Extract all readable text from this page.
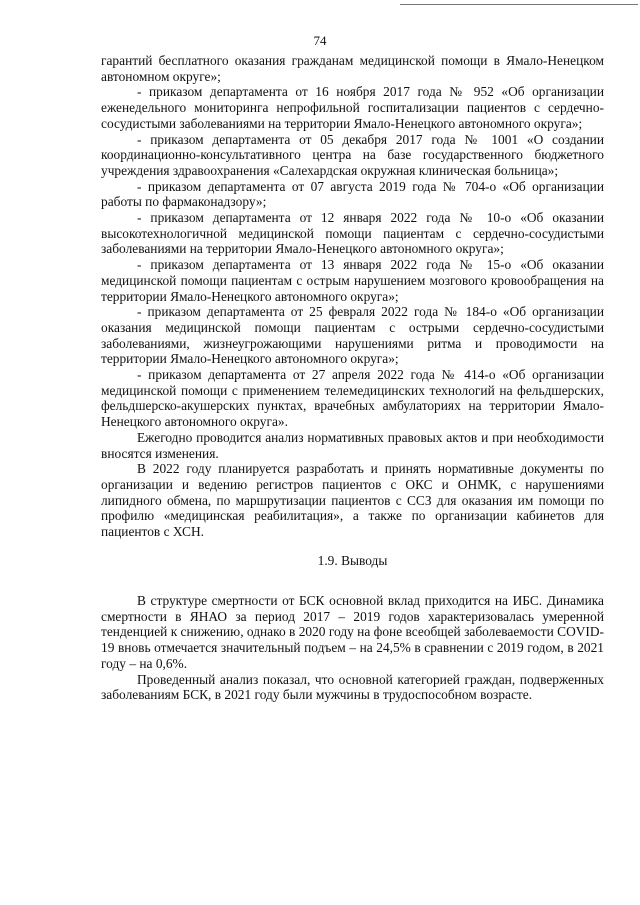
74

гарантий бесплатного оказания гражданам медицинской помощи в Ямало-Ненецком автономном округе»;

- приказом департамента от 16 ноября 2017 года № 952 «Об организации еженедельного мониторинга непрофильной госпитализации пациентов с сердечно-сосудистыми заболеваниями на территории Ямало-Ненецкого автономного округа»;

- приказом департамента от 05 декабря 2017 года № 1001 «О создании координационно-консультативного центра на базе государственного бюджетного учреждения здравоохранения «Салехардская окружная клиническая больница»;

- приказом департамента от 07 августа 2019 года № 704-о «Об организации работы по фармаконадзору»;

- приказом департамента от 12 января 2022 года № 10-о «Об оказании высокотехнологичной медицинской помощи пациентам с сердечно-сосудистыми заболеваниями на территории Ямало-Ненецкого автономного округа»;

- приказом департамента от 13 января 2022 года № 15-о «Об оказании медицинской помощи пациентам с острым нарушением мозгового кровообращения на территории Ямало-Ненецкого автономного округа»;

- приказом департамента от 25 февраля 2022 года № 184-о «Об организации оказания медицинской помощи пациентам с острыми сердечно-сосудистыми заболеваниями, жизнеугрожающими нарушениями ритма и проводимости на территории Ямало-Ненецкого автономного округа»;

- приказом департамента от 27 апреля 2022 года № 414-о «Об организации медицинской помощи с применением телемедицинских технологий на фельдшерских, фельдшерско-акушерских пунктах, врачебных амбулаториях на территории Ямало-Ненецкого автономного округа».

Ежегодно проводится анализ нормативных правовых актов и при необходимости вносятся изменения.

В 2022 году планируется разработать и принять нормативные документы по организации и ведению регистров пациентов с ОКС и ОНМК, с нарушениями липидного обмена, по маршрутизации пациентов с ССЗ для оказания им помощи по профилю «медицинская реабилитация», а также по организации кабинетов для пациентов с ХСН.

1.9. Выводы

В структуре смертности от БСК основной вклад приходится на ИБС. Динамика смертности в ЯНАО за период 2017 – 2019 годов характеризовалась умеренной тенденцией к снижению, однако в 2020 году на фоне всеобщей заболеваемости COVID-19 вновь отмечается значительный подъем – на 24,5% в сравнении с 2019 годом, в 2021 году – на 0,6%.

Проведенный анализ показал, что основной категорией граждан, подверженных заболеваниям БСК, в 2021 году были мужчины в трудоспособном возрасте.
